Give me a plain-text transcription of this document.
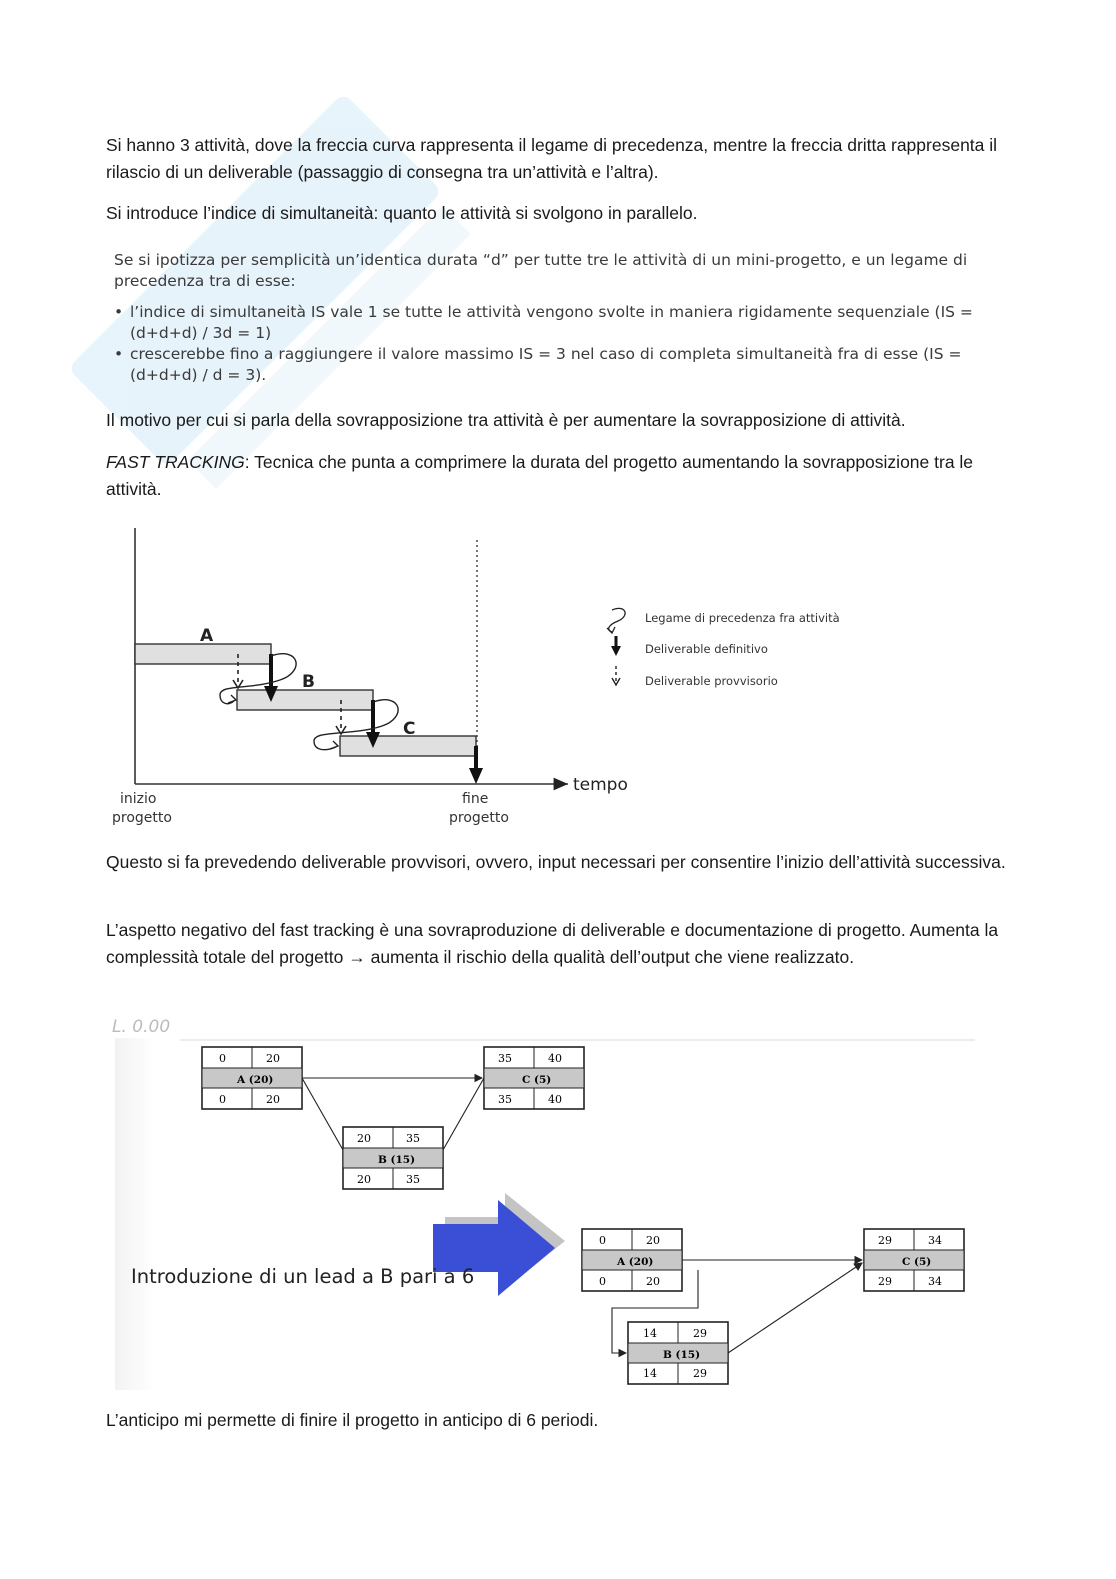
Si hanno 3 attività, dove la freccia curva rappresenta il legame di precedenza, mentre la freccia dritta rappresenta il rilascio di un deliverable (passaggio di consegna tra un’attività e l’altra).

Si introduce l’indice di simultaneità: quanto le attività si svolgono in parallelo.

Se si ipotizza per semplicità un’identica durata “d” per tutte tre le attività di un mini-progetto, e un legame di precedenza tra di esse:

• l’indice di simultaneità IS vale 1 se tutte le attività vengono svolte in maniera rigidamente sequenziale (IS = (d+d+d) / 3d = 1)
• crescerebbe fino a raggiungere il valore massimo IS = 3 nel caso di completa simultaneità fra di esse (IS = (d+d+d) / d = 3).

Il motivo per cui si parla della sovrapposizione tra attività è per aumentare la sovrapposizione di attività.

FAST TRACKING: Tecnica che punta a comprimere la durata del progetto aumentando la sovrapposizione tra le attività.

A
B
C
tempo
inizio
progetto
fine
progetto
Legame di precedenza fra attività
Deliverable definitivo
Deliverable provvisorio

Questo si fa prevedendo deliverable provvisori, ovvero, input necessari per consentire l’inizio dell’attività successiva.

L’aspetto negativo del fast tracking è una sovraproduzione di deliverable e documentazione di progetto. Aumenta la complessità totale del progetto → aumenta il rischio della qualità dell’output che viene realizzato.

L. 0.00
0	20
A (20)
0	20
35	40
C (5)
35	40
20	35
B (15)
20	35
Introduzione di un lead a B pari a 6
0	20
A (20)
0	20
29	34
C (5)
29	34
14	29
B (15)
14	29

L’anticipo mi permette di finire il progetto in anticipo di 6 periodi.
